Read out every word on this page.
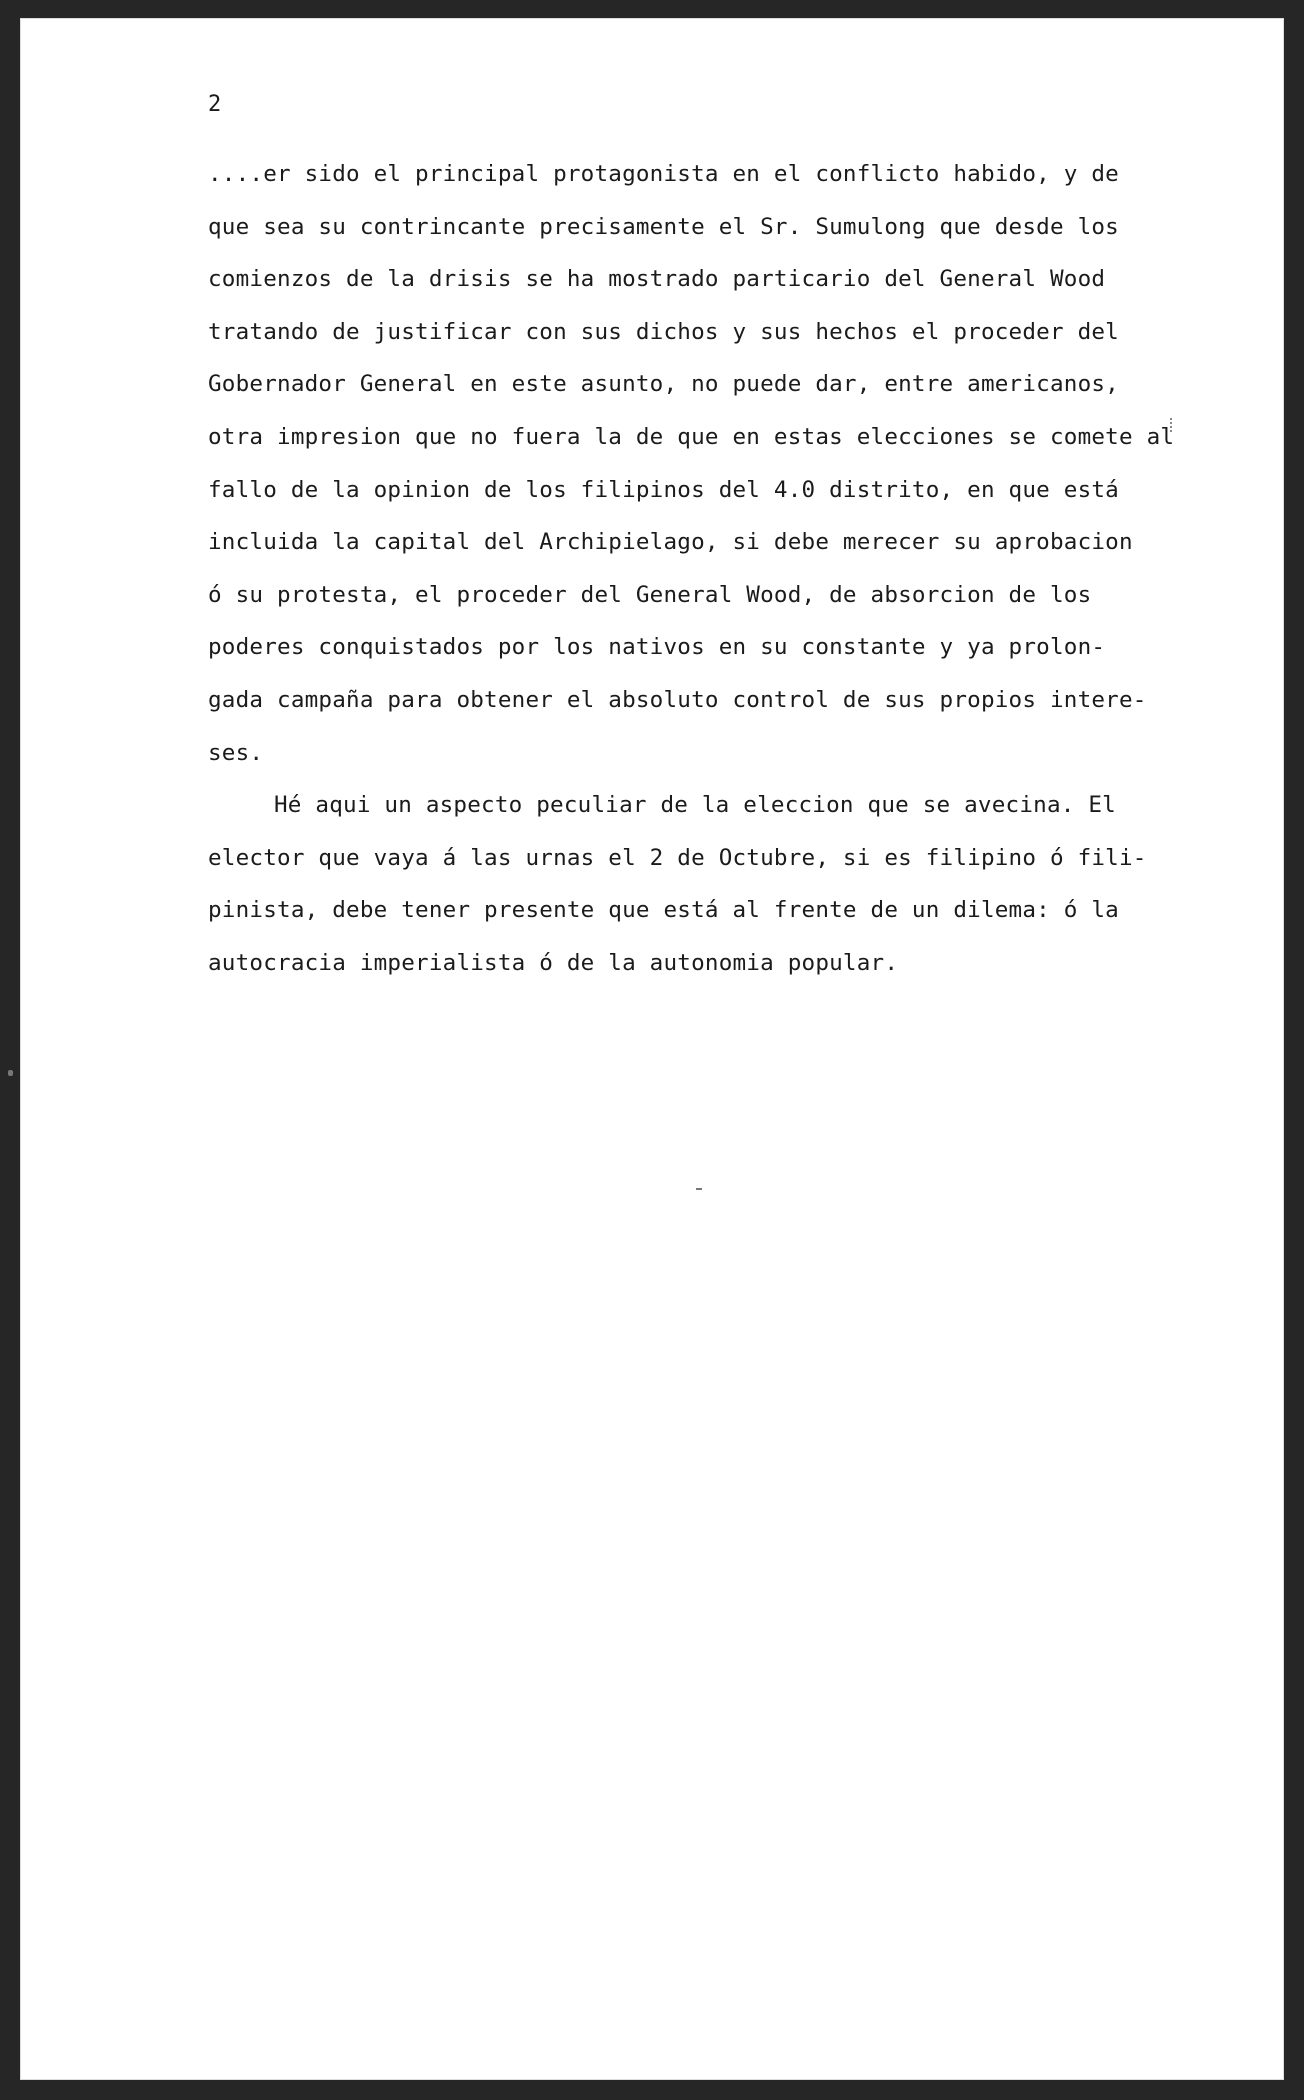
2
....er sido el principal protagonista en el conflicto habido, y de
que sea su contrincante precisamente el Sr. Sumulong que desde los
comienzos de la drisis se ha mostrado particario del General Wood
tratando de justificar con sus dichos y sus hechos el proceder del
Gobernador General en este asunto, no puede dar, entre americanos,
otra impresion que no fuera la de que en estas elecciones se comete al
fallo de la opinion de los filipinos del 4.0 distrito, en que está
incluida la capital del Archipielago, si debe merecer su aprobacion
ó su protesta, el proceder del General Wood, de absorcion de los
poderes conquistados por los nativos en su constante y ya prolon-
gada campaña para obtener el absoluto control de sus propios intere-
ses.
Hé aqui un aspecto peculiar de la eleccion que se avecina. El
elector que vaya á las urnas el 2 de Octubre, si es filipino ó fili-
pinista, debe tener presente que está al frente de un dilema: ó la
autocracia imperialista ó de la autonomia popular.
